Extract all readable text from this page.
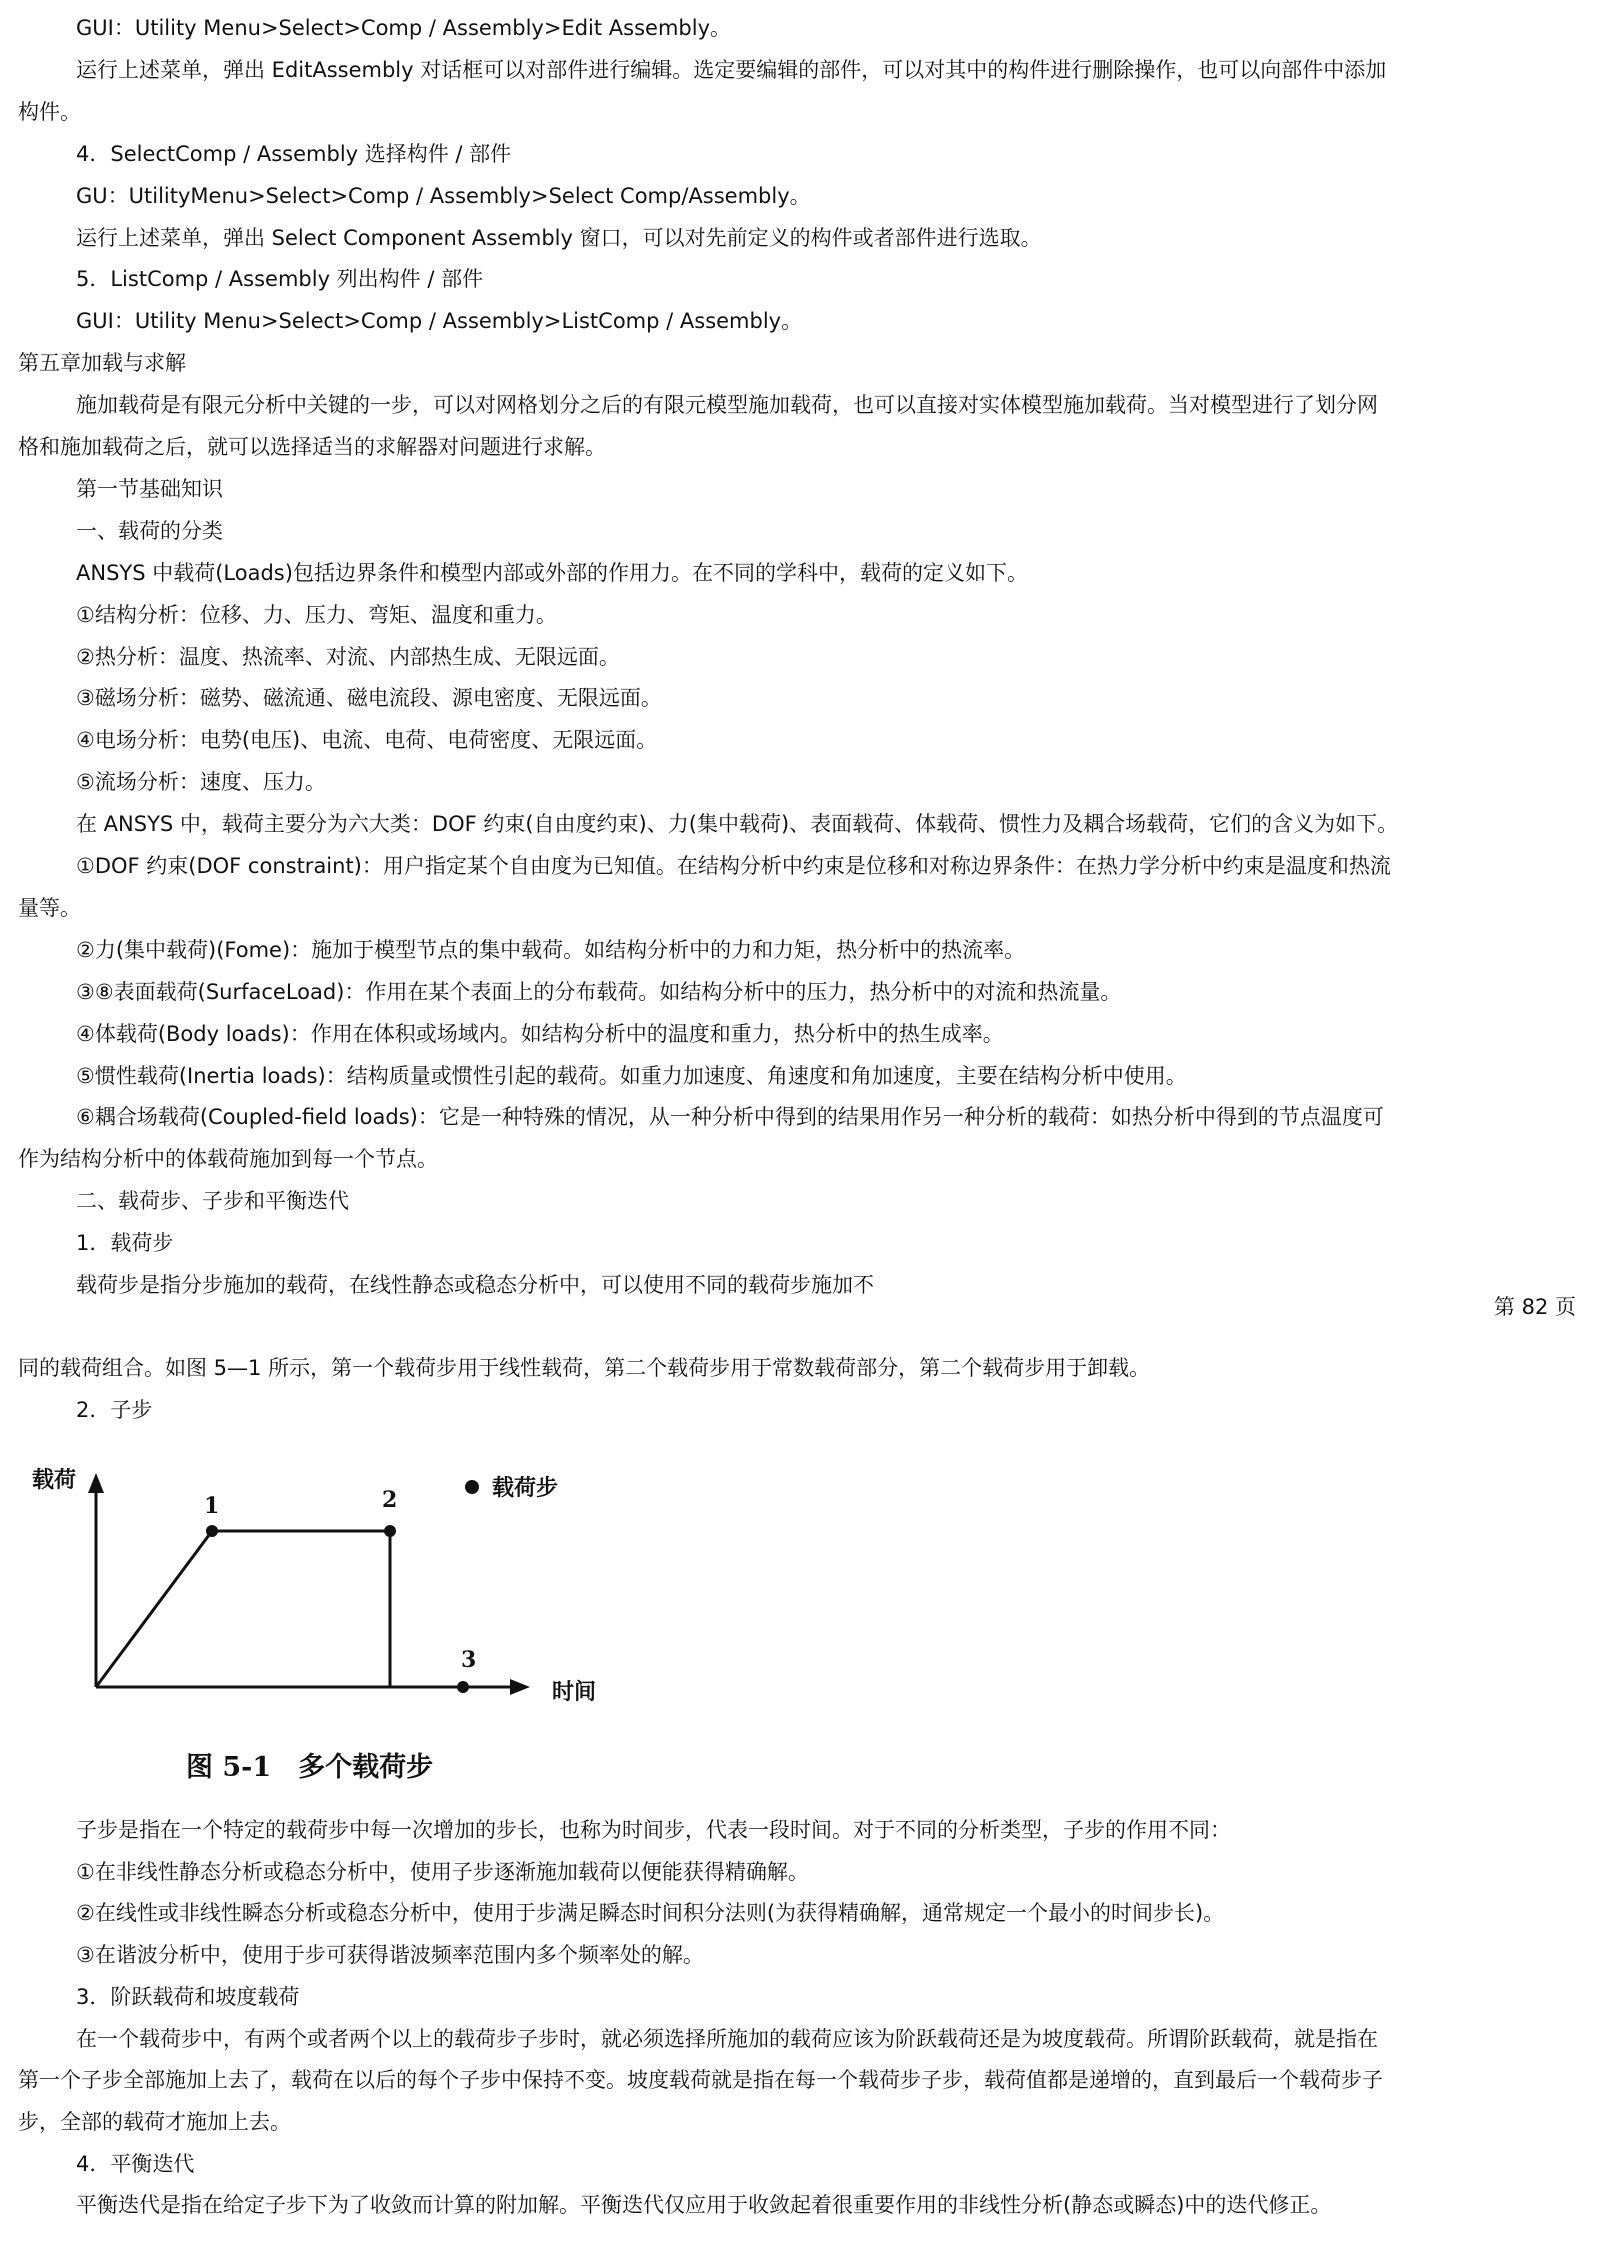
GUI：Utility Menu>Select>Comp / Assembly>Edit Assembly。
运行上述菜单，弹出 EditAssembly 对话框可以对部件进行编辑。选定要编辑的部件，可以对其中的构件进行删除操作，也可以向部件中添加
构件。
4．SelectComp / Assembly 选择构件 / 部件
GU：UtilityMenu>Select>Comp / Assembly>Select Comp/Assembly。
运行上述菜单，弹出 Select Component Assembly 窗口，可以对先前定义的构件或者部件进行选取。
5．ListComp / Assembly 列出构件 / 部件
GUI：Utility Menu>Select>Comp / Assembly>ListComp / Assembly。
第五章加载与求解
施加载荷是有限元分析中关键的一步，可以对网格划分之后的有限元模型施加载荷，也可以直接对实体模型施加载荷。当对模型进行了划分网
格和施加载荷之后，就可以选择适当的求解器对问题进行求解。
第一节基础知识
一、载荷的分类
ANSYS 中载荷(Loads)包括边界条件和模型内部或外部的作用力。在不同的学科中，载荷的定义如下。
①结构分析：位移、力、压力、弯矩、温度和重力。
②热分析：温度、热流率、对流、内部热生成、无限远面。
③磁场分析：磁势、磁流通、磁电流段、源电密度、无限远面。
④电场分析：电势(电压)、电流、电荷、电荷密度、无限远面。
⑤流场分析：速度、压力。
在 ANSYS 中，载荷主要分为六大类：DOF 约束(自由度约束)、力(集中载荷)、表面载荷、体载荷、惯性力及耦合场载荷，它们的含义为如下。
①DOF 约束(DOF constraint)：用户指定某个自由度为已知值。在结构分析中约束是位移和对称边界条件：在热力学分析中约束是温度和热流
量等。
②力(集中载荷)(Fome)：施加于模型节点的集中载荷。如结构分析中的力和力矩，热分析中的热流率。
③⑧表面载荷(SurfaceLoad)：作用在某个表面上的分布载荷。如结构分析中的压力，热分析中的对流和热流量。
④体载荷(Body loads)：作用在体积或场域内。如结构分析中的温度和重力，热分析中的热生成率。
⑤惯性载荷(Inertia loads)：结构质量或惯性引起的载荷。如重力加速度、角速度和角加速度，主要在结构分析中使用。
⑥耦合场载荷(Coupled-field loads)：它是一种特殊的情况，从一种分析中得到的结果用作另一种分析的载荷：如热分析中得到的节点温度可
作为结构分析中的体载荷施加到每一个节点。
二、载荷步、子步和平衡迭代
1．载荷步
载荷步是指分步施加的载荷，在线性静态或稳态分析中，可以使用不同的载荷步施加不
第 82 页
同的载荷组合。如图 5—1 所示，第一个载荷步用于线性载荷，第二个载荷步用于常数载荷部分，第二个载荷步用于卸载。
2．子步
载荷
时间
载荷步
1	2
3
图 5-1　多个载荷步
子步是指在一个特定的载荷步中每一次增加的步长，也称为时间步，代表一段时间。对于不同的分析类型，子步的作用不同：
①在非线性静态分析或稳态分析中，使用子步逐渐施加载荷以便能获得精确解。
②在线性或非线性瞬态分析或稳态分析中，使用于步满足瞬态时间积分法则(为获得精确解，通常规定一个最小的时间步长)。
③在谐波分析中，使用于步可获得谐波频率范围内多个频率处的解。
3．阶跃载荷和坡度载荷
在一个载荷步中，有两个或者两个以上的载荷步子步时，就必须选择所施加的载荷应该为阶跃载荷还是为坡度载荷。所谓阶跃载荷，就是指在
第一个子步全部施加上去了，载荷在以后的每个子步中保持不变。坡度载荷就是指在每一个载荷步子步，载荷值都是递增的，直到最后一个载荷步子
步，全部的载荷才施加上去。
4．平衡迭代
平衡迭代是指在给定子步下为了收敛而计算的附加解。平衡迭代仅应用于收敛起着很重要作用的非线性分析(静态或瞬态)中的迭代修正。
